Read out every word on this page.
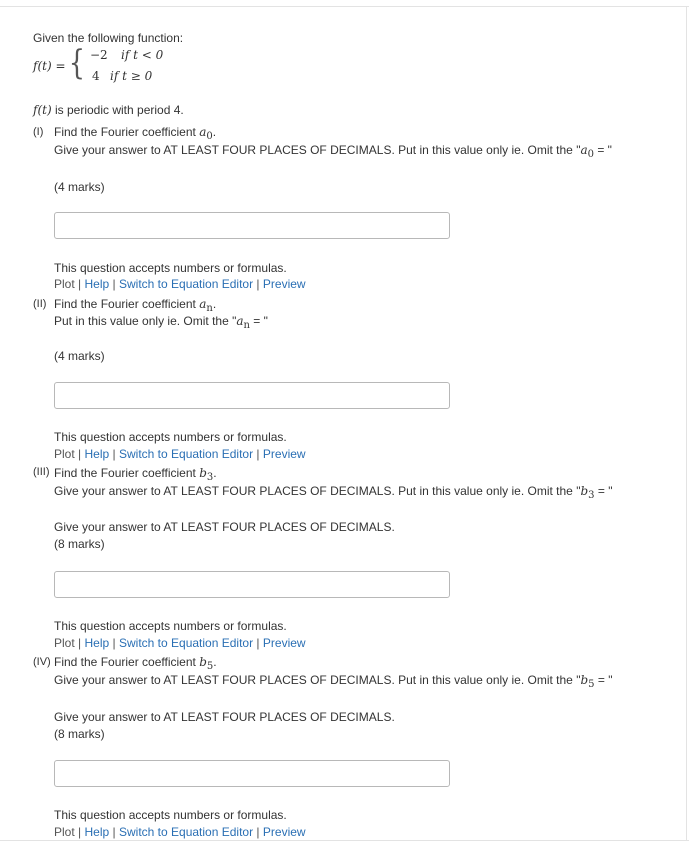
Given the following function:
f(t) = { −2 if t < 0
4 if t ≥ 0
f(t) is periodic with period 4.
(I) Find the Fourier coefficient $a_0$.
Give your answer to AT LEAST FOUR PLACES OF DECIMALS. Put in this value only ie. Omit the "$a_0$ = "
(4 marks)
This question accepts numbers or formulas.
Plot | Help | Switch to Equation Editor | Preview
(II) Find the Fourier coefficient $a_n$.
Put in this value only ie. Omit the "$a_n$ = "
(4 marks)
This question accepts numbers or formulas.
Plot | Help | Switch to Equation Editor | Preview
(III) Find the Fourier coefficient $b_3$.
Give your answer to AT LEAST FOUR PLACES OF DECIMALS. Put in this value only ie. Omit the "$b_3$ = "
Give your answer to AT LEAST FOUR PLACES OF DECIMALS.
(8 marks)
This question accepts numbers or formulas.
Plot | Help | Switch to Equation Editor | Preview
(IV) Find the Fourier coefficient $b_5$.
Give your answer to AT LEAST FOUR PLACES OF DECIMALS. Put in this value only ie. Omit the "$b_5$ = "
Give your answer to AT LEAST FOUR PLACES OF DECIMALS.
(8 marks)
This question accepts numbers or formulas.
Plot | Help | Switch to Equation Editor | Preview
